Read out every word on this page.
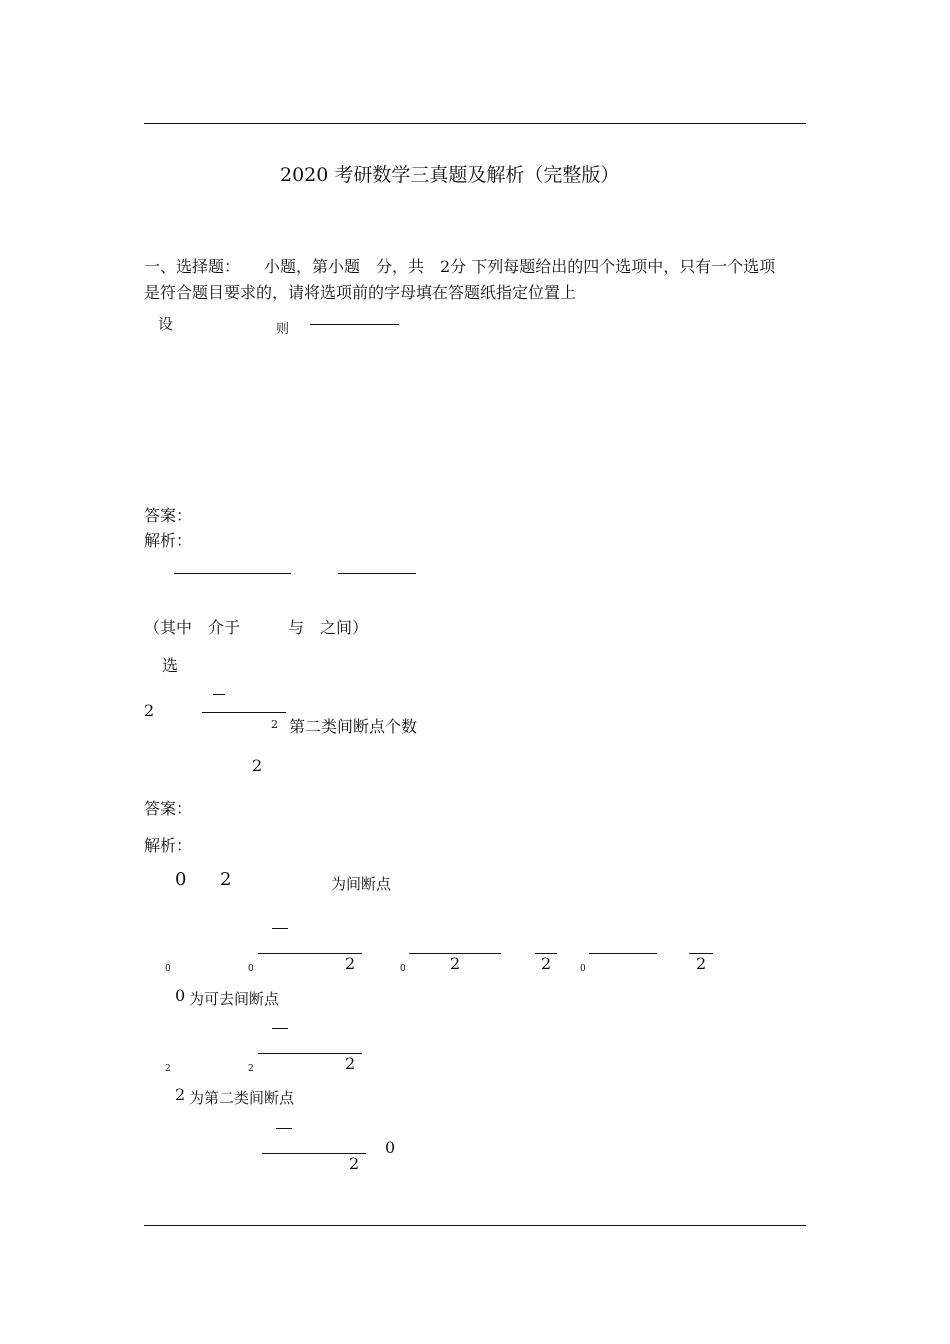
2020 考研数学三真题及解析（完整版）
一、选择题：　　小题，第小题　分，共　2分 下列每题给出的四个选项中，只有一个选项
是符合题目要求的，请将选项前的字母填在答题纸指定位置上
设	则
答案：
解析：
（其中　介于　　　与　之间）
选
2
2 第二类间断点个数
2
答案：
解析：
0 2	为间断点
0	0	2	0	2	2	0	2
0 为可去间断点
2	2	2
2 为第二类间断点
2
0
